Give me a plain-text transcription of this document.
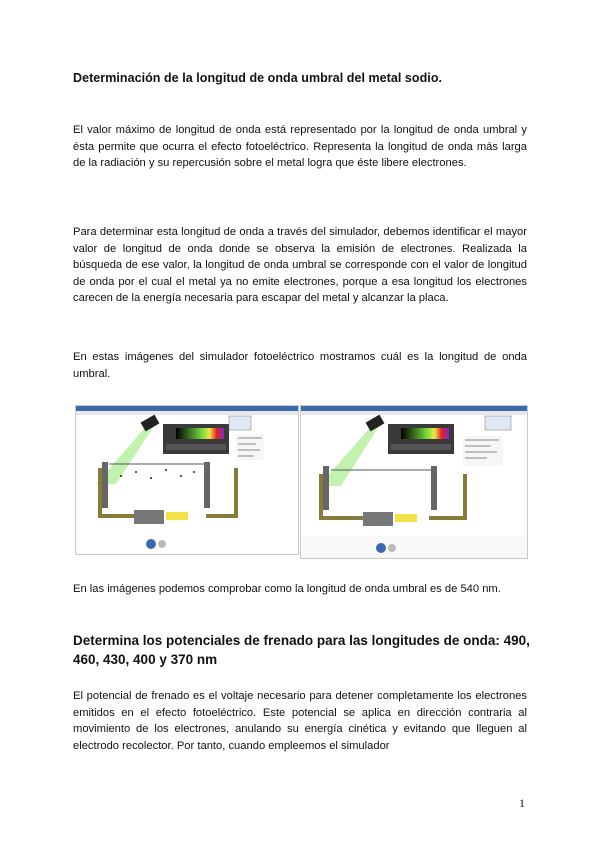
Determinación de la longitud de onda umbral del metal sodio.
El valor máximo de longitud de onda está representado por la longitud de onda umbral y ésta permite que ocurra el efecto fotoeléctrico. Representa la longitud de onda más larga de la radiación y su repercusión sobre el metal logra que éste libere electrones.
Para determinar esta longitud de onda a través del simulador, debemos identificar el mayor valor de longitud de onda donde se observa la emisión de electrones. Realizada la búsqueda de ese valor, la longitud de onda umbral se corresponde con el valor de longitud de onda por el cual el metal ya no emite electrones, porque a esa longitud los electrones carecen de la energía necesaria para escapar del metal y alcanzar la placa.
En estas imágenes del simulador fotoeléctrico mostramos cuál es la longitud de onda umbral.
En las imágenes podemos comprobar como la longitud de onda umbral es de 540 nm.
Determina los potenciales de frenado para las longitudes de onda: 490, 460, 430, 400 y 370 nm
El potencial de frenado es el voltaje necesario para detener completamente los electrones emitidos en el efecto fotoeléctrico. Este potencial se aplica en dirección contraria al movimiento de los electrones, anulando su energía cinética y evitando que lleguen al electrodo recolector. Por tanto, cuando empleemos el simulador
1
